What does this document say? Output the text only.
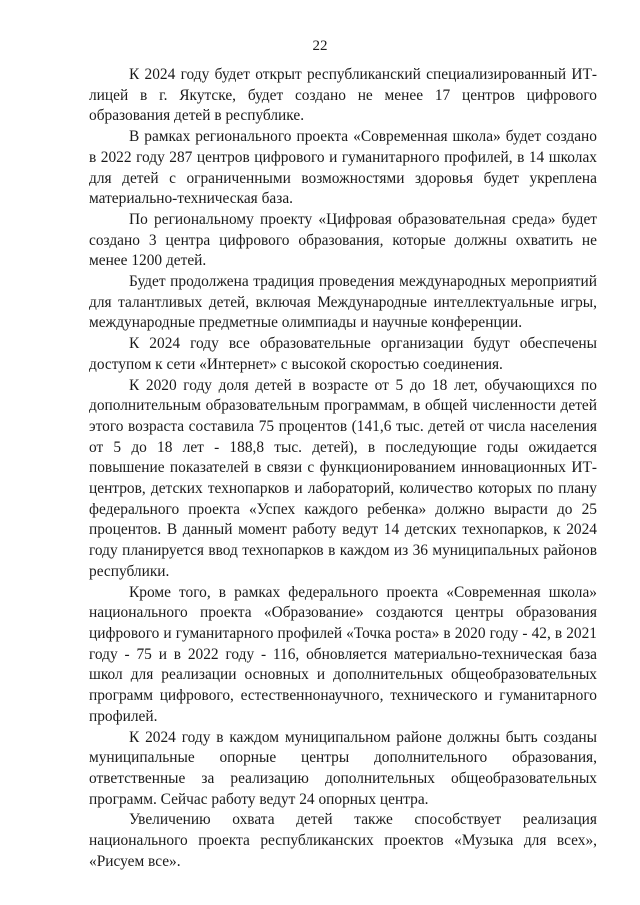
22

К 2024 году будет открыт республиканский специализированный ИТ-лицей в г. Якутске, будет создано не менее 17 центров цифрового образования детей в республике.

В рамках регионального проекта «Современная школа» будет создано в 2022 году 287 центров цифрового и гуманитарного профилей, в 14 школах для детей с ограниченными возможностями здоровья будет укреплена материально-техническая база.

По региональному проекту «Цифровая образовательная среда» будет создано 3 центра цифрового образования, которые должны охватить не менее 1200 детей.

Будет продолжена традиция проведения международных мероприятий для талантливых детей, включая Международные интеллектуальные игры, международные предметные олимпиады и научные конференции.

К 2024 году все образовательные организации будут обеспечены доступом к сети «Интернет» с высокой скоростью соединения.

К 2020 году доля детей в возрасте от 5 до 18 лет, обучающихся по дополнительным образовательным программам, в общей численности детей этого возраста составила 75 процентов (141,6 тыс. детей от числа населения от 5 до 18 лет - 188,8 тыс. детей), в последующие годы ожидается повышение показателей в связи с функционированием инновационных ИТ-центров, детских технопарков и лабораторий, количество которых по плану федерального проекта «Успех каждого ребенка» должно вырасти до 25 процентов. В данный момент работу ведут 14 детских технопарков, к 2024 году планируется ввод технопарков в каждом из 36 муниципальных районов республики.

Кроме того, в рамках федерального проекта «Современная школа» национального проекта «Образование» создаются центры образования цифрового и гуманитарного профилей «Точка роста» в 2020 году - 42, в 2021 году - 75 и в 2022 году - 116, обновляется материально-техническая база школ для реализации основных и дополнительных общеобразовательных программ цифрового, естественнонаучного, технического и гуманитарного профилей.

К 2024 году в каждом муниципальном районе должны быть созданы муниципальные опорные центры дополнительного образования, ответственные за реализацию дополнительных общеобразовательных программ. Сейчас работу ведут 24 опорных центра.

Увеличению охвата детей также способствует реализация национального проекта республиканских проектов «Музыка для всех», «Рисуем все».
